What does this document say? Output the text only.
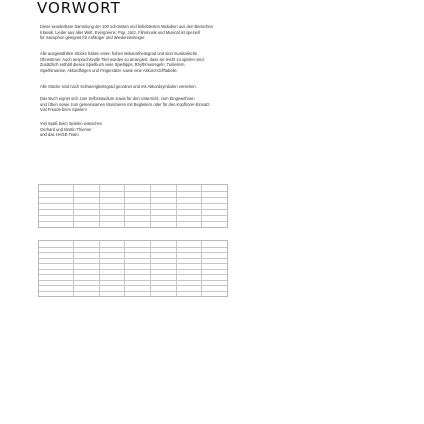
VORWORT
Diese wunderbare Sammlung der 100 schönsten und beliebtesten Melodien aus den Bereichen
Klassik, Lieder aus aller Welt, Evergreens, Pop, Jazz, Filmmusik und Musical ist speziell
für Saxophon geeignet für Anfänger und Wiedereinsteiger.
Alle ausgewählten Stücke haben einen hohen Bekanntheitsgrad und sind musikalische
Ohrwürmer. Auch anspruchsvolle Titel wurden so arrangiert, dass sie leicht zu spielen sind.
Zusätzlich enthält dieses Spielbuch viele Spieltipps, Rhythmusregeln, Tonleitern,
Spielhinweise, Akkordfolgen und Fingersätze sowie eine Akkord-Grifftabelle.
Alle Stücke sind nach Schwierigkeitsgrad geordnet und mit Akkordsymbolen versehen.
Das Buch eignet sich zum Selbststudium sowie für den Unterricht, zum Eingewöhnen
und Üben sowie zum gemeinsamen Musizieren mit Begleitern oder für den Kopfhörer-Einsatz.
Viel Freude beim Spielen!
Viel Spaß beim Spielen wünschen
Gerhard und Martin Thiemer
und das HAGE-Team
